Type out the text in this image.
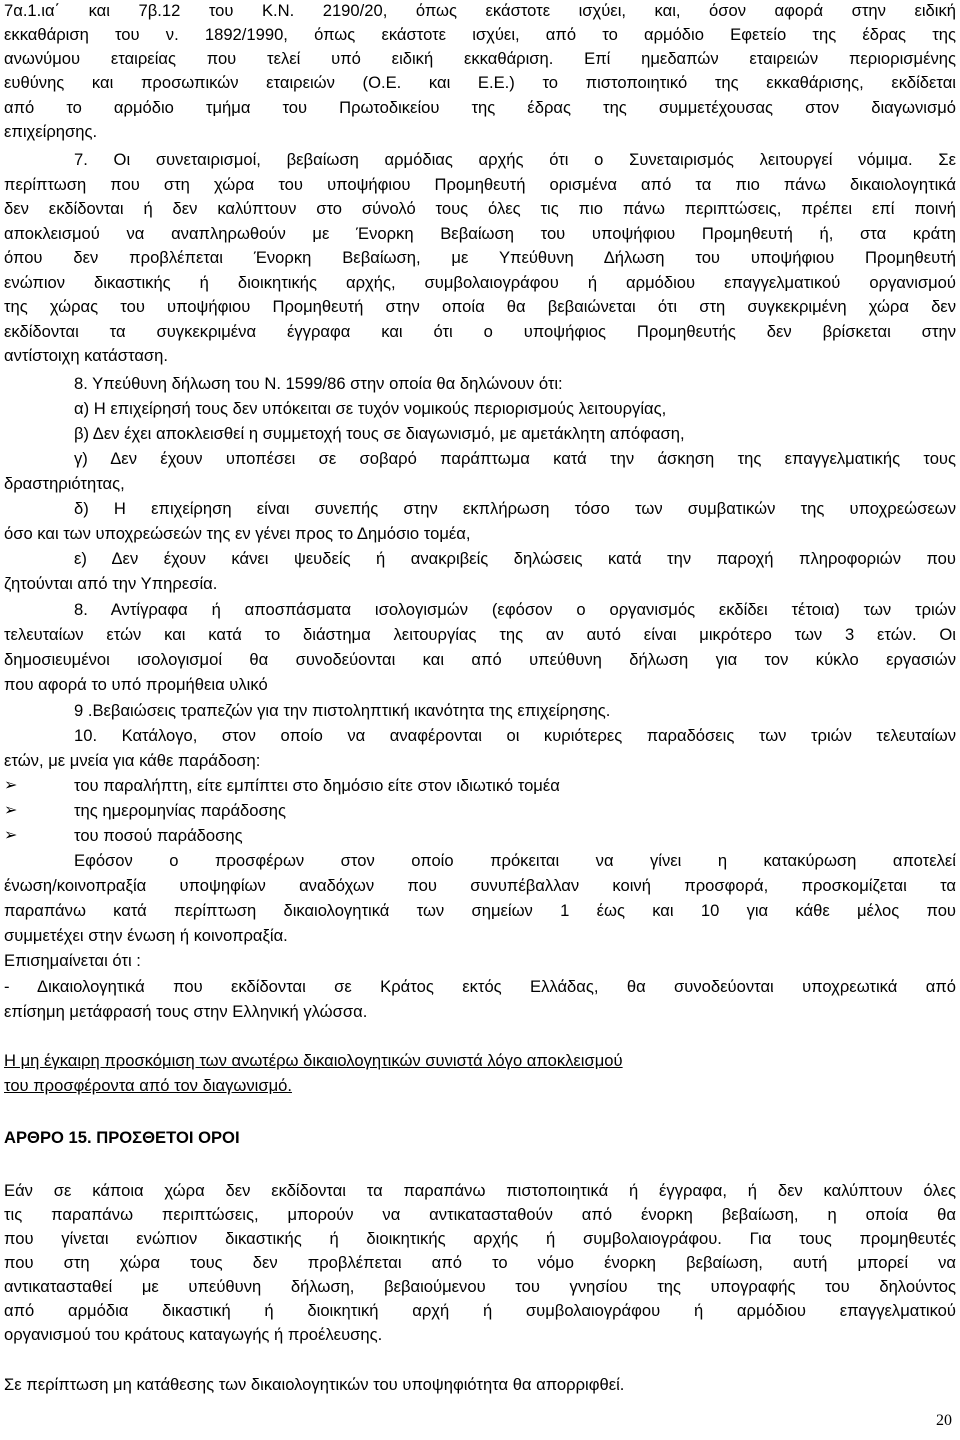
7α.1.ια΄ και 7β.12 του Κ.Ν. 2190/20, όπως εκάστοτε ισχύει, και, όσον αφορά στην ειδική

εκκαθάριση του ν. 1892/1990, όπως εκάστοτε ισχύει, από το αρμόδιο Εφετείο της έδρας της

ανωνύμου εταιρείας που τελεί υπό ειδική εκκαθάριση. Επί ημεδαπών εταιρειών περιορισμένης

ευθύνης και προσωπικών εταιρειών (Ο.Ε. και Ε.Ε.) το πιστοποιητικό της εκκαθάρισης, εκδίδεται

από το αρμόδιο τμήμα του Πρωτοδικείου της έδρας της συμμετέχουσας στον διαγωνισμό

επιχείρησης.

7. Οι συνεταιρισμοί, βεβαίωση αρμόδιας αρχής ότι ο Συνεταιρισμός λειτουργεί νόμιμα. Σε

περίπτωση που στη χώρα του υποψήφιου Προμηθευτή ορισμένα από τα πιο πάνω δικαιολογητικά

δεν εκδίδονται ή δεν καλύπτουν στο σύνολό τους όλες τις πιο πάνω περιπτώσεις, πρέπει επί ποινή

αποκλεισμού να αναπληρωθούν με Ένορκη Βεβαίωση του υποψήφιου Προμηθευτή ή, στα κράτη

όπου δεν προβλέπεται Ένορκη Βεβαίωση, με Υπεύθυνη Δήλωση του υποψήφιου Προμηθευτή

ενώπιον δικαστικής ή διοικητικής αρχής, συμβολαιογράφου ή αρμόδιου επαγγελματικού οργανισμού

της χώρας του υποψήφιου Προμηθευτή στην οποία θα βεβαιώνεται ότι στη συγκεκριμένη χώρα δεν

εκδίδονται τα συγκεκριμένα έγγραφα και ότι ο υποψήφιος Προμηθευτής δεν βρίσκεται στην

αντίστοιχη κατάσταση.

8. Υπεύθυνη δήλωση του Ν. 1599/86 στην οποία θα δηλώνουν ότι:

α) Η επιχείρησή τους δεν υπόκειται σε τυχόν νομικούς περιορισμούς λειτουργίας,

β) Δεν έχει αποκλεισθεί η συμμετοχή τους σε διαγωνισμό, με αμετάκλητη απόφαση,

γ) Δεν έχουν υποπέσει σε σοβαρό παράπτωμα κατά την άσκηση της επαγγελματικής τους

δραστηριότητας,

δ) Η επιχείρηση είναι συνεπής στην εκπλήρωση τόσο των συμβατικών της υποχρεώσεων

όσο και των υποχρεώσεών της εν γένει προς το Δημόσιο τομέα,

ε) Δεν έχουν κάνει ψευδείς ή ανακριβείς δηλώσεις κατά την παροχή πληροφοριών που

ζητούνται από την Υπηρεσία.

8. Αντίγραφα ή αποσπάσματα ισολογισμών (εφόσον ο οργανισμός εκδίδει τέτοια) των τριών

τελευταίων ετών και κατά το διάστημα λειτουργίας της αν αυτό είναι μικρότερο των 3 ετών. Οι

δημοσιευμένοι ισολογισμοί θα συνοδεύονται και από υπεύθυνη δήλωση για τον κύκλο εργασιών

που αφορά το υπό προμήθεια υλικό

9 .Βεβαιώσεις τραπεζών για την πιστοληπτική ικανότητα της επιχείρησης.

10. Κατάλογο, στον οποίο να αναφέρονται οι κυριότερες παραδόσεις των τριών τελευταίων

ετών, με μνεία για κάθε παράδοση:

➢	του παραλήπτη, είτε εμπίπτει στο δημόσιο είτε στον ιδιωτικό τομέα
➢	της ημερομηνίας παράδοσης
➢	του ποσού παράδοσης

Εφόσον ο προσφέρων στον οποίο πρόκειται να γίνει η κατακύρωση αποτελεί

ένωση/κοινοπραξία υποψηφίων αναδόχων που συνυπέβαλλαν κοινή προσφορά, προσκομίζεται τα

παραπάνω κατά περίπτωση δικαιολογητικά των σημείων 1 έως και 10 για κάθε μέλος που

συμμετέχει στην ένωση ή κοινοπραξία.

Επισημαίνεται ότι :

- Δικαιολογητικά που εκδίδονται σε Κράτος εκτός Ελλάδας, θα συνοδεύονται υποχρεωτικά από

επίσημη μετάφρασή τους στην Ελληνική γλώσσα.

Η μη έγκαιρη προσκόμιση των ανωτέρω δικαιολογητικών συνιστά λόγο αποκλεισμού

του προσφέροντα από τον διαγωνισμό.

ΑΡΘΡΟ 15. ΠΡΟΣΘΕΤΟΙ ΟΡΟΙ

Εάν σε κάποια χώρα δεν εκδίδονται τα παραπάνω πιστοποιητικά ή έγγραφα, ή δεν καλύπτουν όλες

τις παραπάνω περιπτώσεις, μπορούν να αντικατασταθούν από ένορκη βεβαίωση, η οποία θα

που γίνεται ενώπιον δικαστικής ή διοικητικής αρχής ή συμβολαιογράφου. Για τους προμηθευτές

που στη χώρα τους δεν προβλέπεται από το νόμο ένορκη βεβαίωση, αυτή μπορεί να

αντικατασταθεί με υπεύθυνη δήλωση, βεβαιούμενου του γνησίου της υπογραφής του δηλούντος

από αρμόδια δικαστική ή διοικητική αρχή ή συμβολαιογράφου ή αρμόδιου επαγγελματικού

οργανισμού του κράτους καταγωγής ή προέλευσης.

Σε περίπτωση μη κατάθεσης των δικαιολογητικών του υποψηφιότητα θα απορριφθεί.

20
